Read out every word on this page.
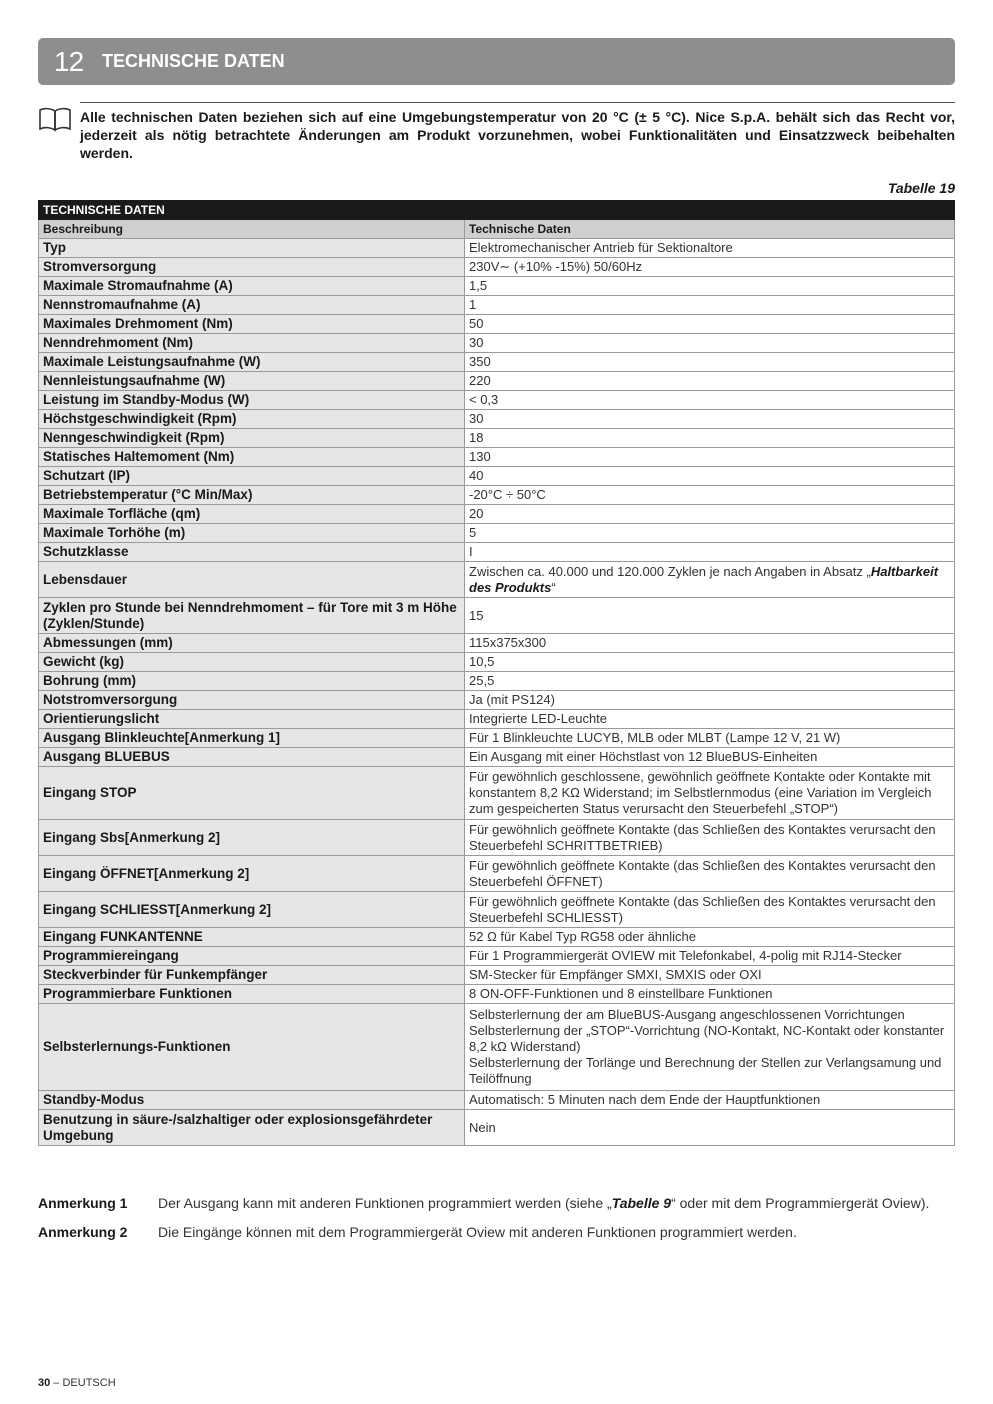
12	TECHNISCHE DATEN
Alle technischen Daten beziehen sich auf eine Umgebungstemperatur von 20 °C (± 5 °C). Nice S.p.A. behält sich das Recht vor, jederzeit als nötig betrachtete Änderungen am Produkt vorzunehmen, wobei Funktionalitäten und Einsatzzweck beibehalten werden.
Tabelle 19
TECHNISCHE DATEN	
Beschreibung	Technische Daten
Typ	Elektromechanischer Antrieb für Sektionaltore
Stromversorgung	230V∼ (+10% -15%) 50/60Hz
Maximale Stromaufnahme (A)	1,5
Nennstromaufnahme (A)	1
Maximales Drehmoment (Nm)	50
Nenndrehmoment (Nm)	30
Maximale Leistungsaufnahme (W)	350
Nennleistungsaufnahme (W)	220
Leistung im Standby-Modus (W)	< 0,3
Höchstgeschwindigkeit (Rpm)	30
Nenngeschwindigkeit (Rpm)	18
Statisches Haltemoment (Nm)	130
Schutzart (IP)	40
Betriebstemperatur (°C Min/Max)	-20°C ÷ 50°C
Maximale Torfläche (qm)	20
Maximale Torhöhe (m)	5
Schutzklasse	I
Lebensdauer	Zwischen ca. 40.000 und 120.000 Zyklen je nach Angaben in Absatz „Haltbarkeit des Produkts“
Zyklen pro Stunde bei Nenndrehmoment – für Tore mit 3 m Höhe (Zyklen/Stunde)	15
Abmessungen (mm)	115x375x300
Gewicht (kg)	10,5
Bohrung (mm)	25,5
Notstromversorgung	Ja (mit PS124)
Orientierungslicht	Integrierte LED-Leuchte
Ausgang Blinkleuchte[Anmerkung 1]	Für 1 Blinkleuchte LUCYB, MLB oder MLBT (Lampe 12 V, 21 W)
Ausgang BLUEBUS	Ein Ausgang mit einer Höchstlast von 12 BlueBUS-Einheiten
Eingang STOP	Für gewöhnlich geschlossene, gewöhnlich geöffnete Kontakte oder Kontakte mit konstantem 8,2 KΩ Widerstand; im Selbstlernmodus (eine Variation im Vergleich zum gespeicherten Status verursacht den Steuerbefehl „STOP“)
Eingang Sbs[Anmerkung 2]	Für gewöhnlich geöffnete Kontakte (das Schließen des Kontaktes verursacht den Steuerbefehl SCHRITTBETRIEB)
Eingang ÖFFNET[Anmerkung 2]	Für gewöhnlich geöffnete Kontakte (das Schließen des Kontaktes verursacht den Steuerbefehl ÖFFNET)
Eingang SCHLIESST[Anmerkung 2]	Für gewöhnlich geöffnete Kontakte (das Schließen des Kontaktes verursacht den Steuerbefehl SCHLIESST)
Eingang FUNKANTENNE	52 Ω für Kabel Typ RG58 oder ähnliche
Programmiereingang	Für 1 Programmiergerät OVIEW mit Telefonkabel, 4-polig mit RJ14-Stecker
Steckverbinder für Funkempfänger	SM-Stecker für Empfänger SMXI, SMXIS oder OXI
Programmierbare Funktionen	8 ON-OFF-Funktionen und 8 einstellbare Funktionen
Selbsterlernungs-Funktionen	Selbsterlernung der am BlueBUS-Ausgang angeschlossenen Vorrichtungen
Selbsterlernung der „STOP“-Vorrichtung (NO-Kontakt, NC-Kontakt oder konstanter 8,2 kΩ Widerstand)
Selbsterlernung der Torlänge und Berechnung der Stellen zur Verlangsamung und Teilöffnung

Standby-Modus	Automatisch: 5 Minuten nach dem Ende der Hauptfunktionen
Benutzung in säure-/salzhaltiger oder explosionsgefährdeter Umgebung	Nein
Anmerkung 1	Der Ausgang kann mit anderen Funktionen programmiert werden (siehe „Tabelle 9“ oder mit dem Programmiergerät Oview).
Anmerkung 2	Die Eingänge können mit dem Programmiergerät Oview mit anderen Funktionen programmiert werden.
30 – DEUTSCH
